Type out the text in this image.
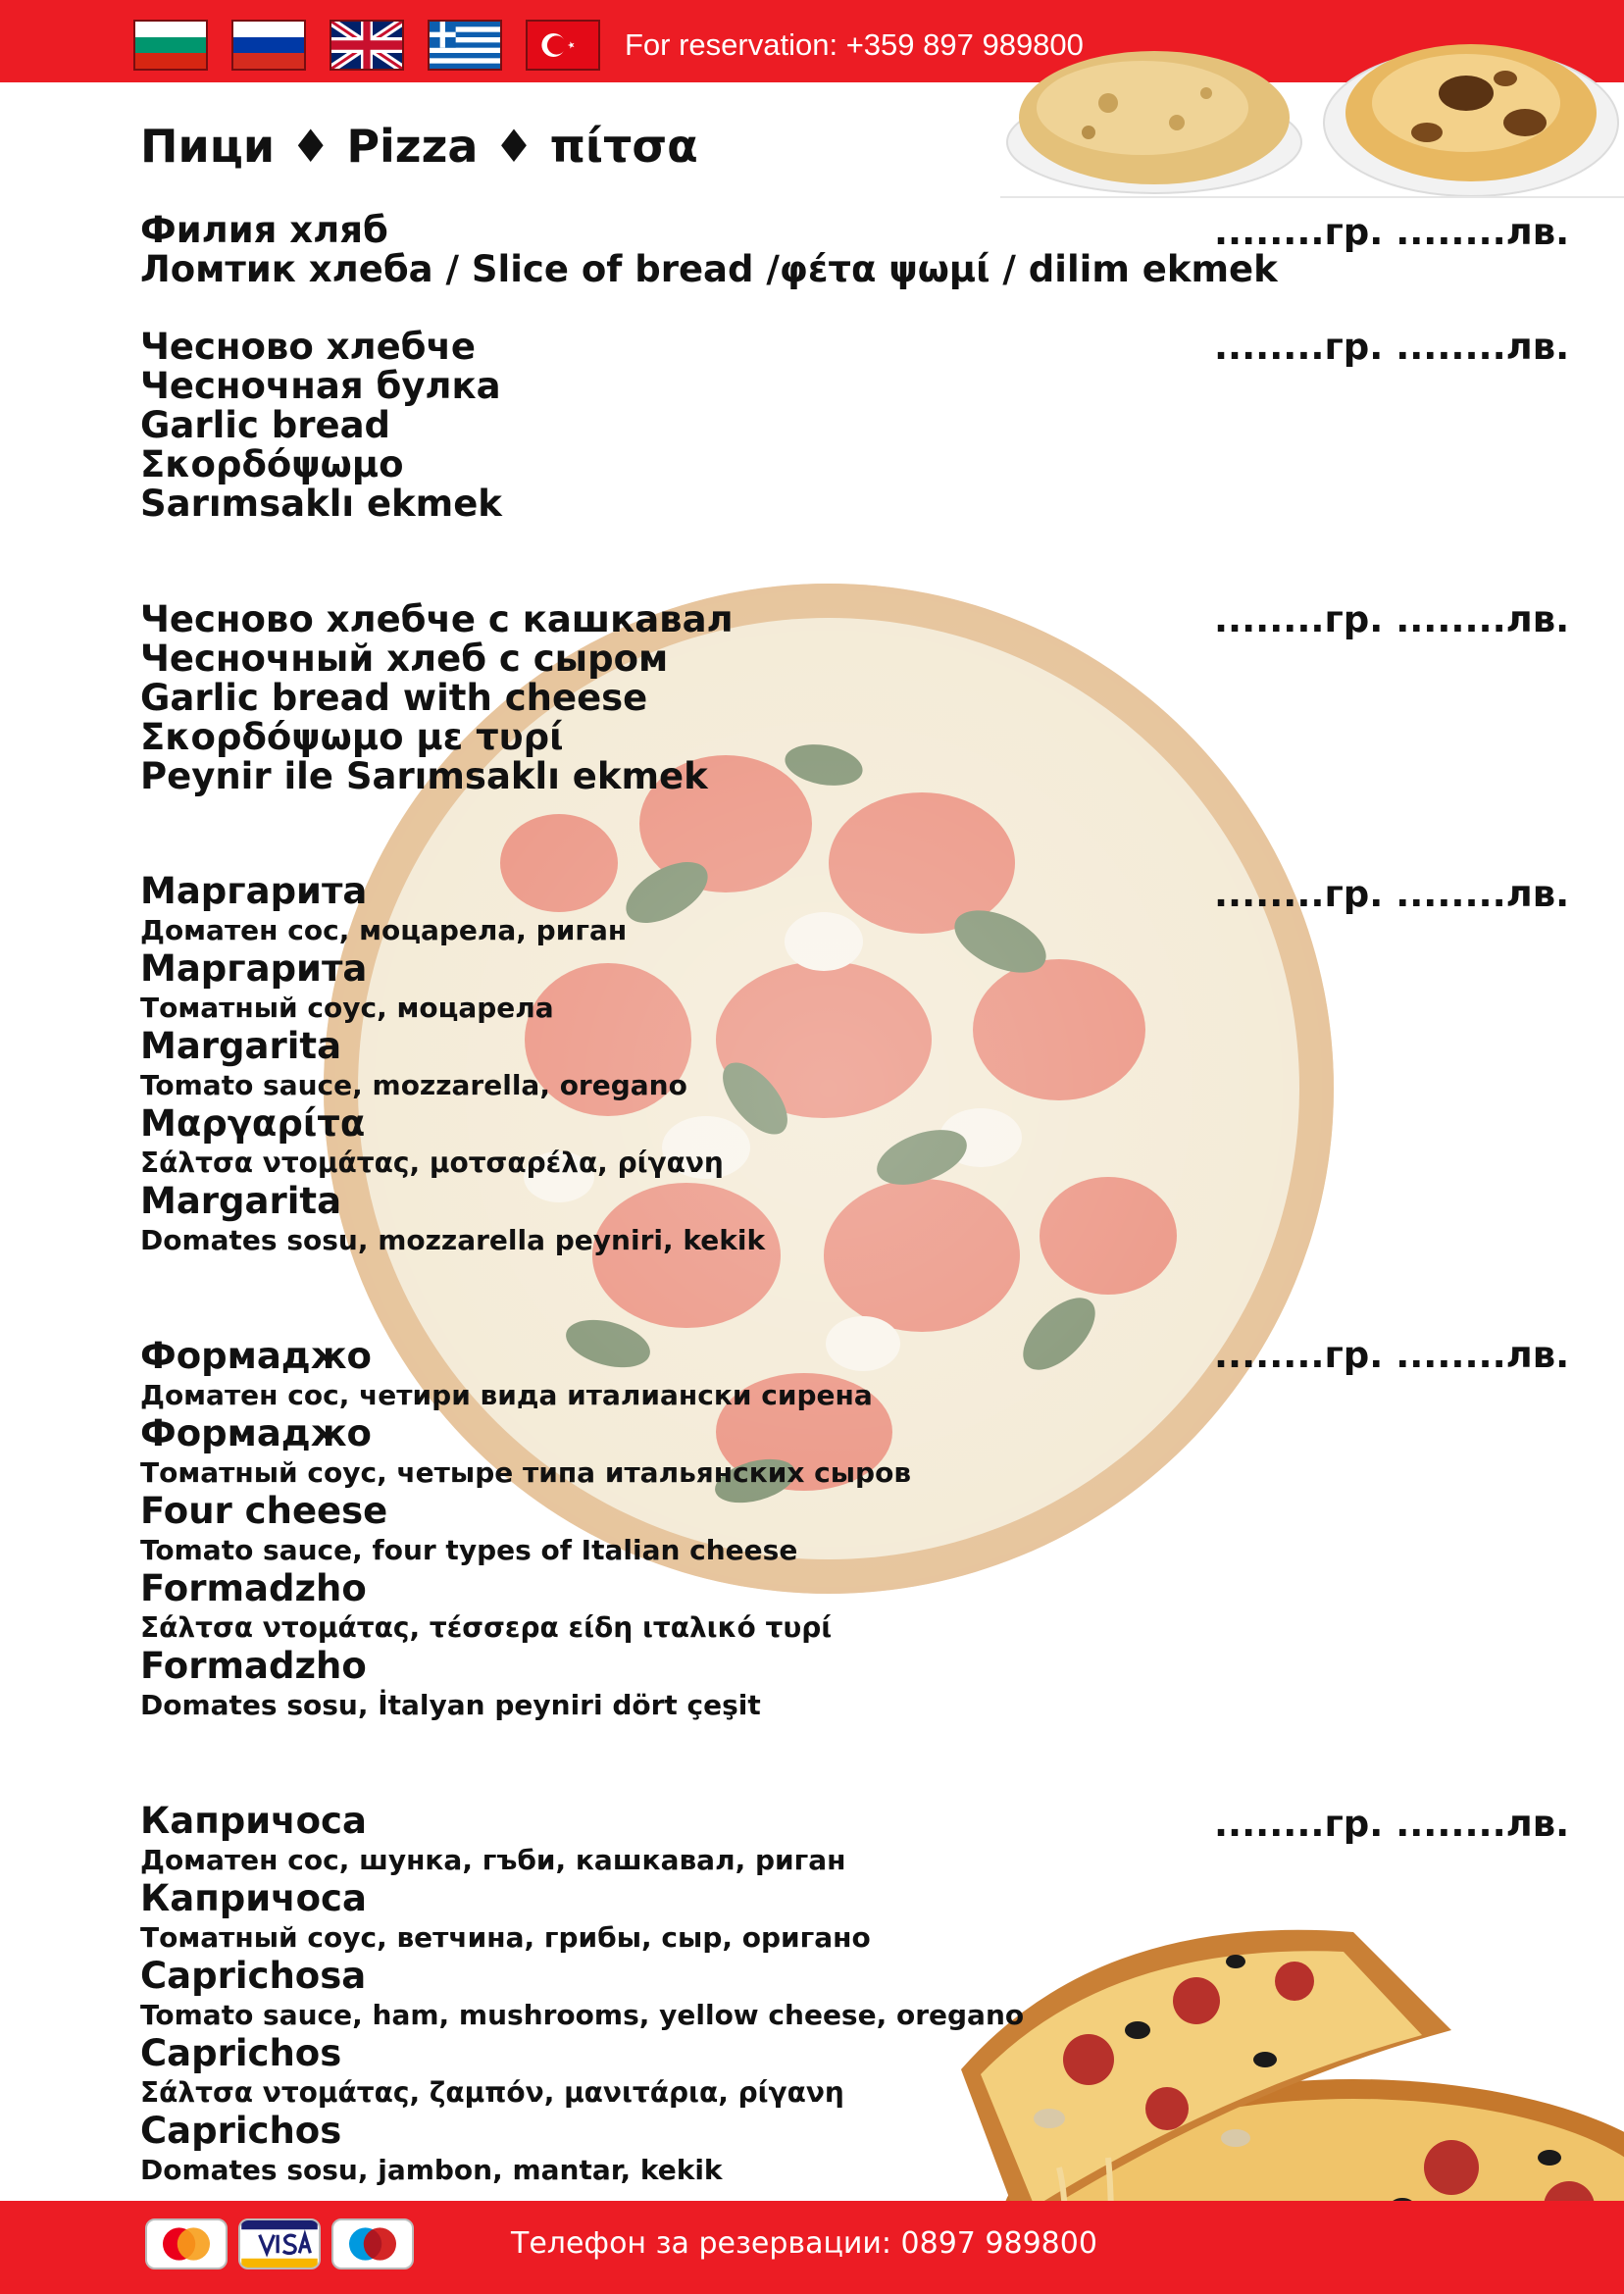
For reservation: +359 897 989800
Пици ♦ Pizza ♦ πίτσα
Филия хляб
Ломтик хлеба / Slice of bread /φέτα ψωμί / dilim ekmek
........гр. ........лв.
Чесново хлебче
Чесночная булка
Garlic bread
Σκορδόψωμο
Sarımsaklı ekmek
........гр. ........лв.
Чесново хлебче с кашкавал
Чесночный хлеб с сыром
Garlic bread with cheese
Σκορδόψωμο με τυρί
Peynir ile Sarımsaklı ekmek
........гр. ........лв.
Маргарита
Доматен сос, моцарела, риган
Маргарита
Томатный соус, моцарела
Margarita
Tomato sauce, mozzarella, oregano
Μαργαρίτα
Σάλτσα ντομάτας, μοτσαρέλα, ρίγανη
Margarita
Domates sosu, mozzarella peyniri, kekik
........гр. ........лв.
Формаджо
Доматен сос, четири вида италиански сирена
Формаджо
Томатный соус, четыре типа итальянских сыров
Four cheese
Tomato sauce, four types of Italian cheese
Formadzho
Σάλτσα ντομάτας, τέσσερα είδη ιταλικό τυρί
Formadzho
Domates sosu, İtalyan peyniri dört çeşit
........гр. ........лв.
Капричоса
Доматен сос, шунка, гъби, кашкавал, риган
Капричоса
Томатный соус, ветчина, грибы, сыр, оригано
Caprichosa
Tomato sauce, ham, mushrooms, yellow cheese, oregano
Caprichos
Σάλτσα ντομάτας, ζαμπόν, μανιτάρια, ρίγανη
Caprichos
Domates sosu, jambon, mantar, kekik
........гр. ........лв.
Телефон за резервации: 0897 989800
